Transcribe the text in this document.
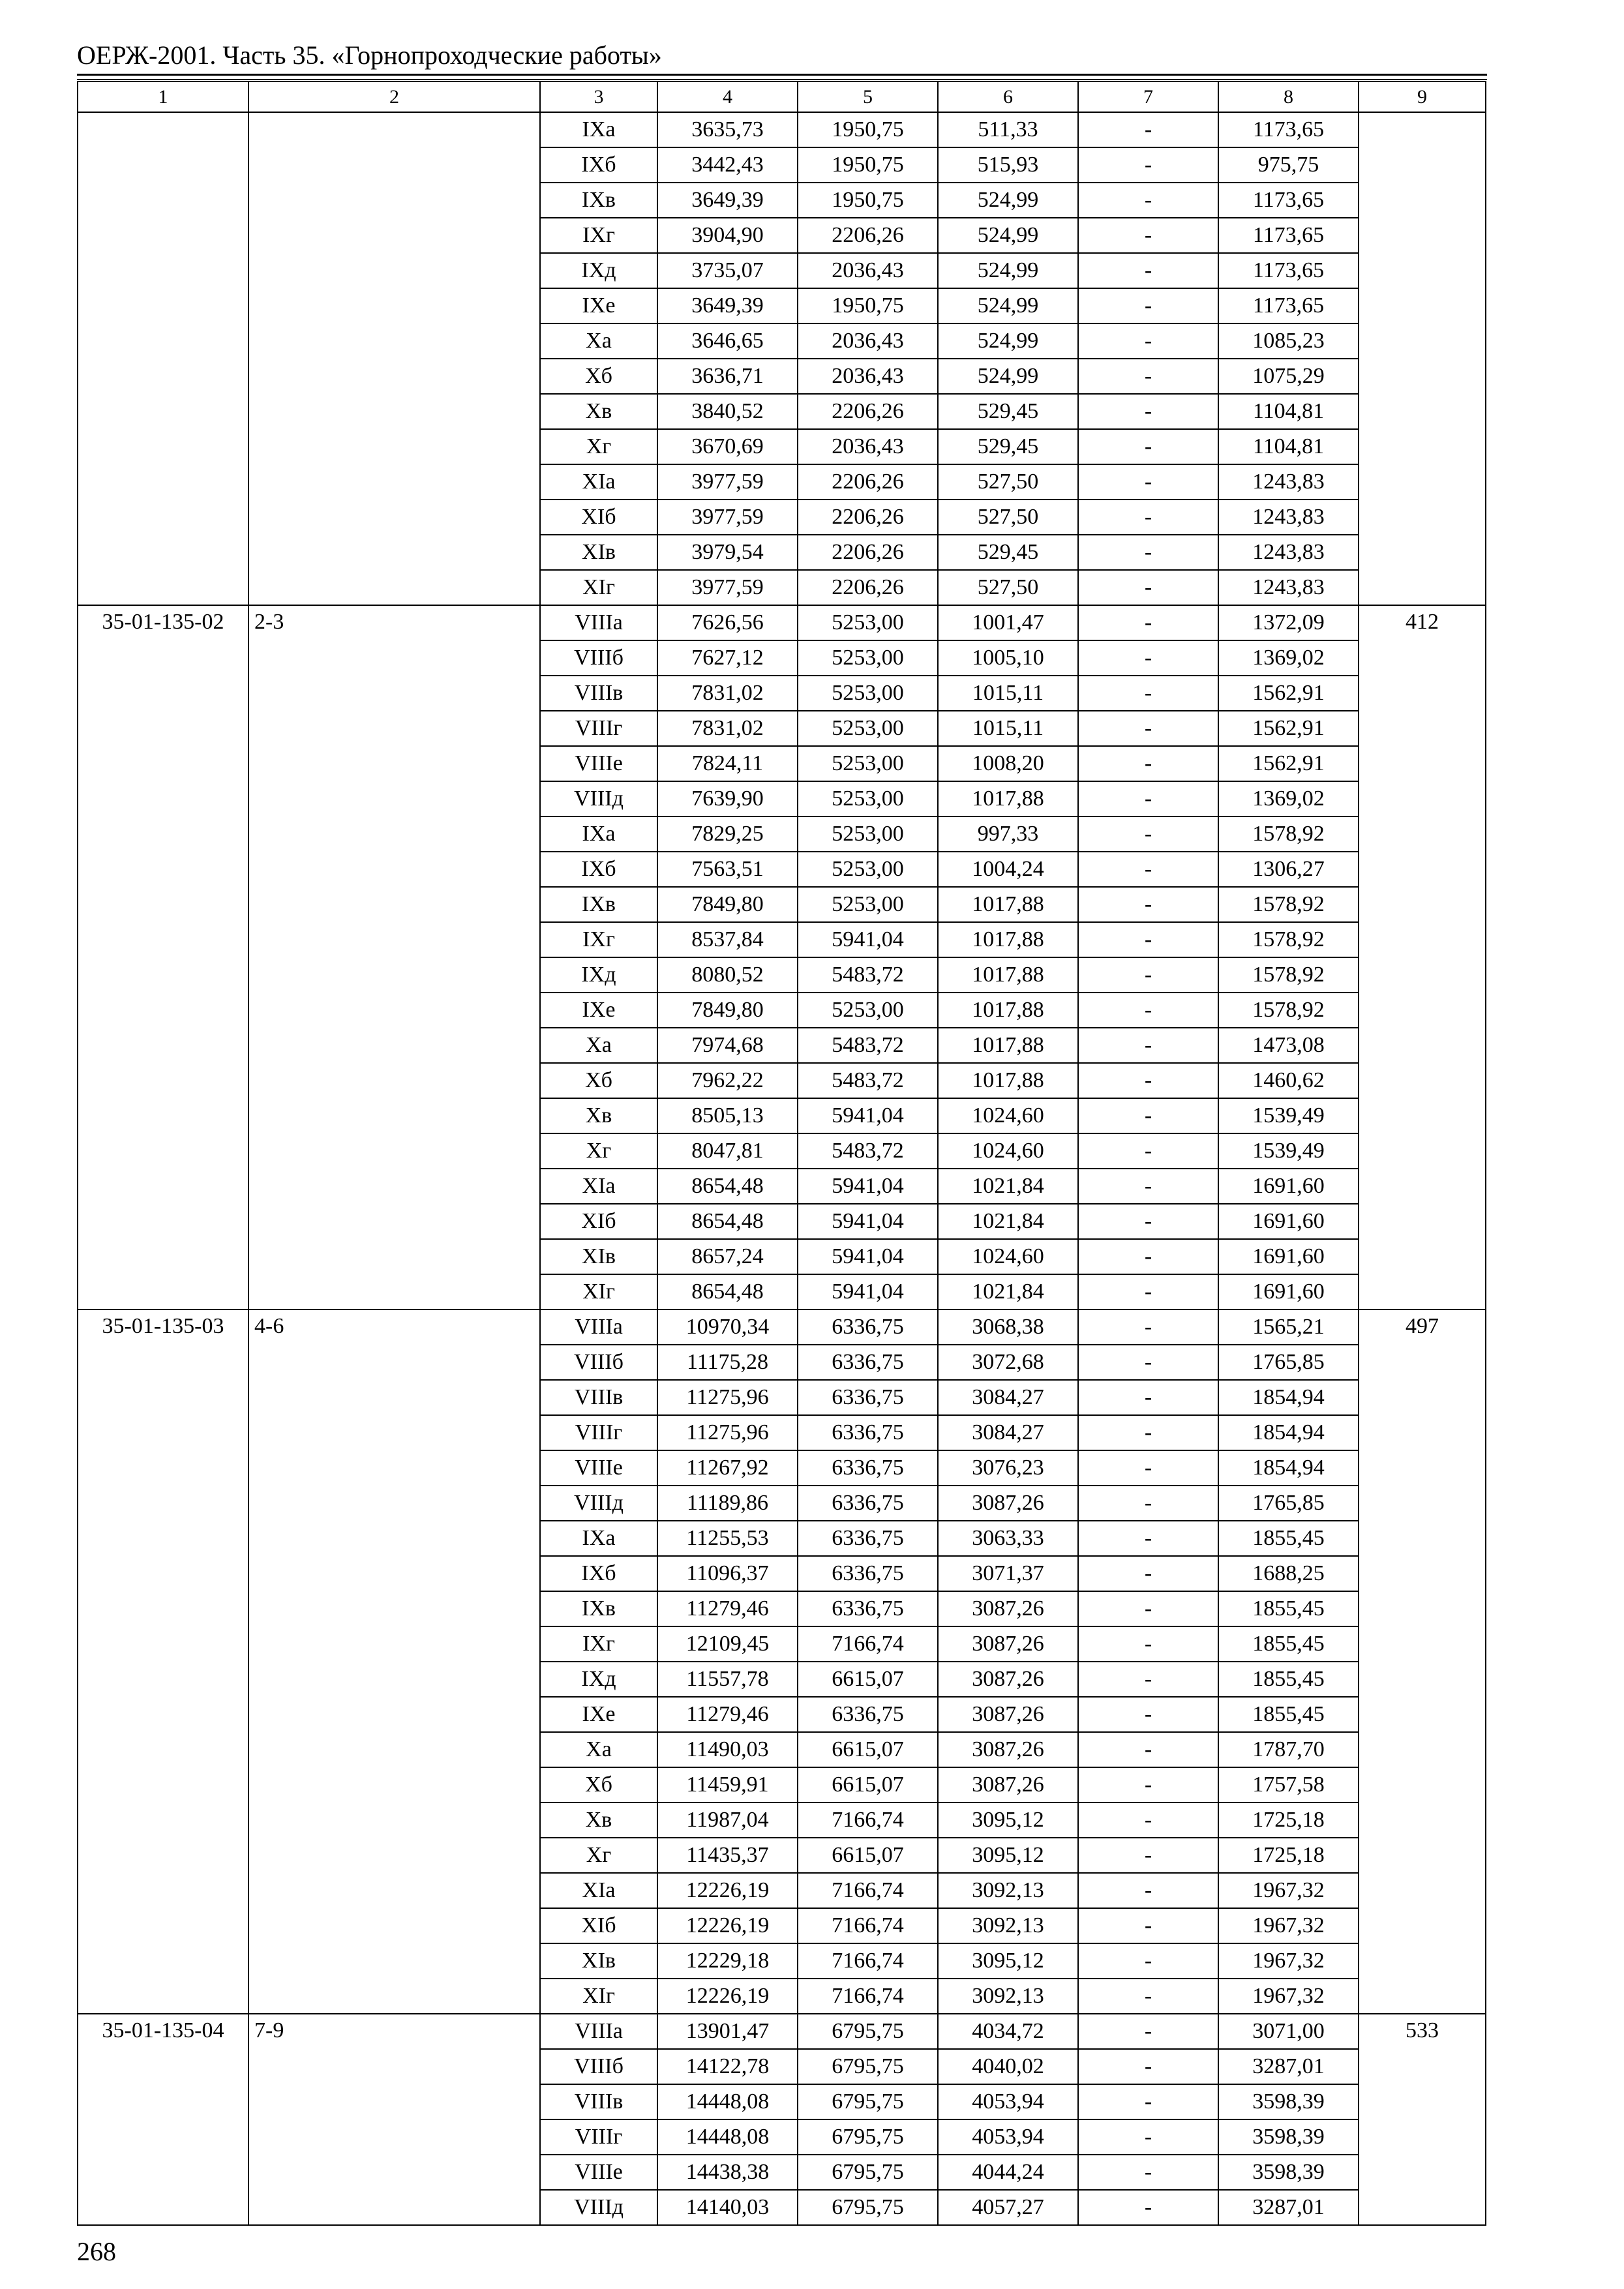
ОЕРЖ-2001. Часть 35. «Горнопроходческие работы»
1	2	3	4	5	6	7	8	9
		IXа	3635,73	1950,75	511,33	-	1173,65	
		IXб	3442,43	1950,75	515,93	-	975,75	
		IXв	3649,39	1950,75	524,99	-	1173,65	
		IXг	3904,90	2206,26	524,99	-	1173,65	
		IXд	3735,07	2036,43	524,99	-	1173,65	
		IXе	3649,39	1950,75	524,99	-	1173,65	
		Xа	3646,65	2036,43	524,99	-	1085,23	
		Xб	3636,71	2036,43	524,99	-	1075,29	
		Xв	3840,52	2206,26	529,45	-	1104,81	
		Xг	3670,69	2036,43	529,45	-	1104,81	
		XIа	3977,59	2206,26	527,50	-	1243,83	
		XIб	3977,59	2206,26	527,50	-	1243,83	
		XIв	3979,54	2206,26	529,45	-	1243,83	
		XIг	3977,59	2206,26	527,50	-	1243,83	
35-01-135-02	2-3	VIIIа	7626,56	5253,00	1001,47	-	1372,09	412
		VIIIб	7627,12	5253,00	1005,10	-	1369,02	
		VIIIв	7831,02	5253,00	1015,11	-	1562,91	
		VIIIг	7831,02	5253,00	1015,11	-	1562,91	
		VIIIе	7824,11	5253,00	1008,20	-	1562,91	
		VIIIд	7639,90	5253,00	1017,88	-	1369,02	
		IXа	7829,25	5253,00	997,33	-	1578,92	
		IXб	7563,51	5253,00	1004,24	-	1306,27	
		IXв	7849,80	5253,00	1017,88	-	1578,92	
		IXг	8537,84	5941,04	1017,88	-	1578,92	
		IXд	8080,52	5483,72	1017,88	-	1578,92	
		IXе	7849,80	5253,00	1017,88	-	1578,92	
		Xа	7974,68	5483,72	1017,88	-	1473,08	
		Xб	7962,22	5483,72	1017,88	-	1460,62	
		Xв	8505,13	5941,04	1024,60	-	1539,49	
		Xг	8047,81	5483,72	1024,60	-	1539,49	
		XIа	8654,48	5941,04	1021,84	-	1691,60	
		XIб	8654,48	5941,04	1021,84	-	1691,60	
		XIв	8657,24	5941,04	1024,60	-	1691,60	
		XIг	8654,48	5941,04	1021,84	-	1691,60	
35-01-135-03	4-6	VIIIа	10970,34	6336,75	3068,38	-	1565,21	497
		VIIIб	11175,28	6336,75	3072,68	-	1765,85	
		VIIIв	11275,96	6336,75	3084,27	-	1854,94	
		VIIIг	11275,96	6336,75	3084,27	-	1854,94	
		VIIIе	11267,92	6336,75	3076,23	-	1854,94	
		VIIIд	11189,86	6336,75	3087,26	-	1765,85	
		IXа	11255,53	6336,75	3063,33	-	1855,45	
		IXб	11096,37	6336,75	3071,37	-	1688,25	
		IXв	11279,46	6336,75	3087,26	-	1855,45	
		IXг	12109,45	7166,74	3087,26	-	1855,45	
		IXд	11557,78	6615,07	3087,26	-	1855,45	
		IXе	11279,46	6336,75	3087,26	-	1855,45	
		Xа	11490,03	6615,07	3087,26	-	1787,70	
		Xб	11459,91	6615,07	3087,26	-	1757,58	
		Xв	11987,04	7166,74	3095,12	-	1725,18	
		Xг	11435,37	6615,07	3095,12	-	1725,18	
		XIа	12226,19	7166,74	3092,13	-	1967,32	
		XIб	12226,19	7166,74	3092,13	-	1967,32	
		XIв	12229,18	7166,74	3095,12	-	1967,32	
		XIг	12226,19	7166,74	3092,13	-	1967,32	
35-01-135-04	7-9	VIIIа	13901,47	6795,75	4034,72	-	3071,00	533
		VIIIб	14122,78	6795,75	4040,02	-	3287,01	
		VIIIв	14448,08	6795,75	4053,94	-	3598,39	
		VIIIг	14448,08	6795,75	4053,94	-	3598,39	
		VIIIе	14438,38	6795,75	4044,24	-	3598,39	
		VIIIд	14140,03	6795,75	4057,27	-	3287,01	
268
